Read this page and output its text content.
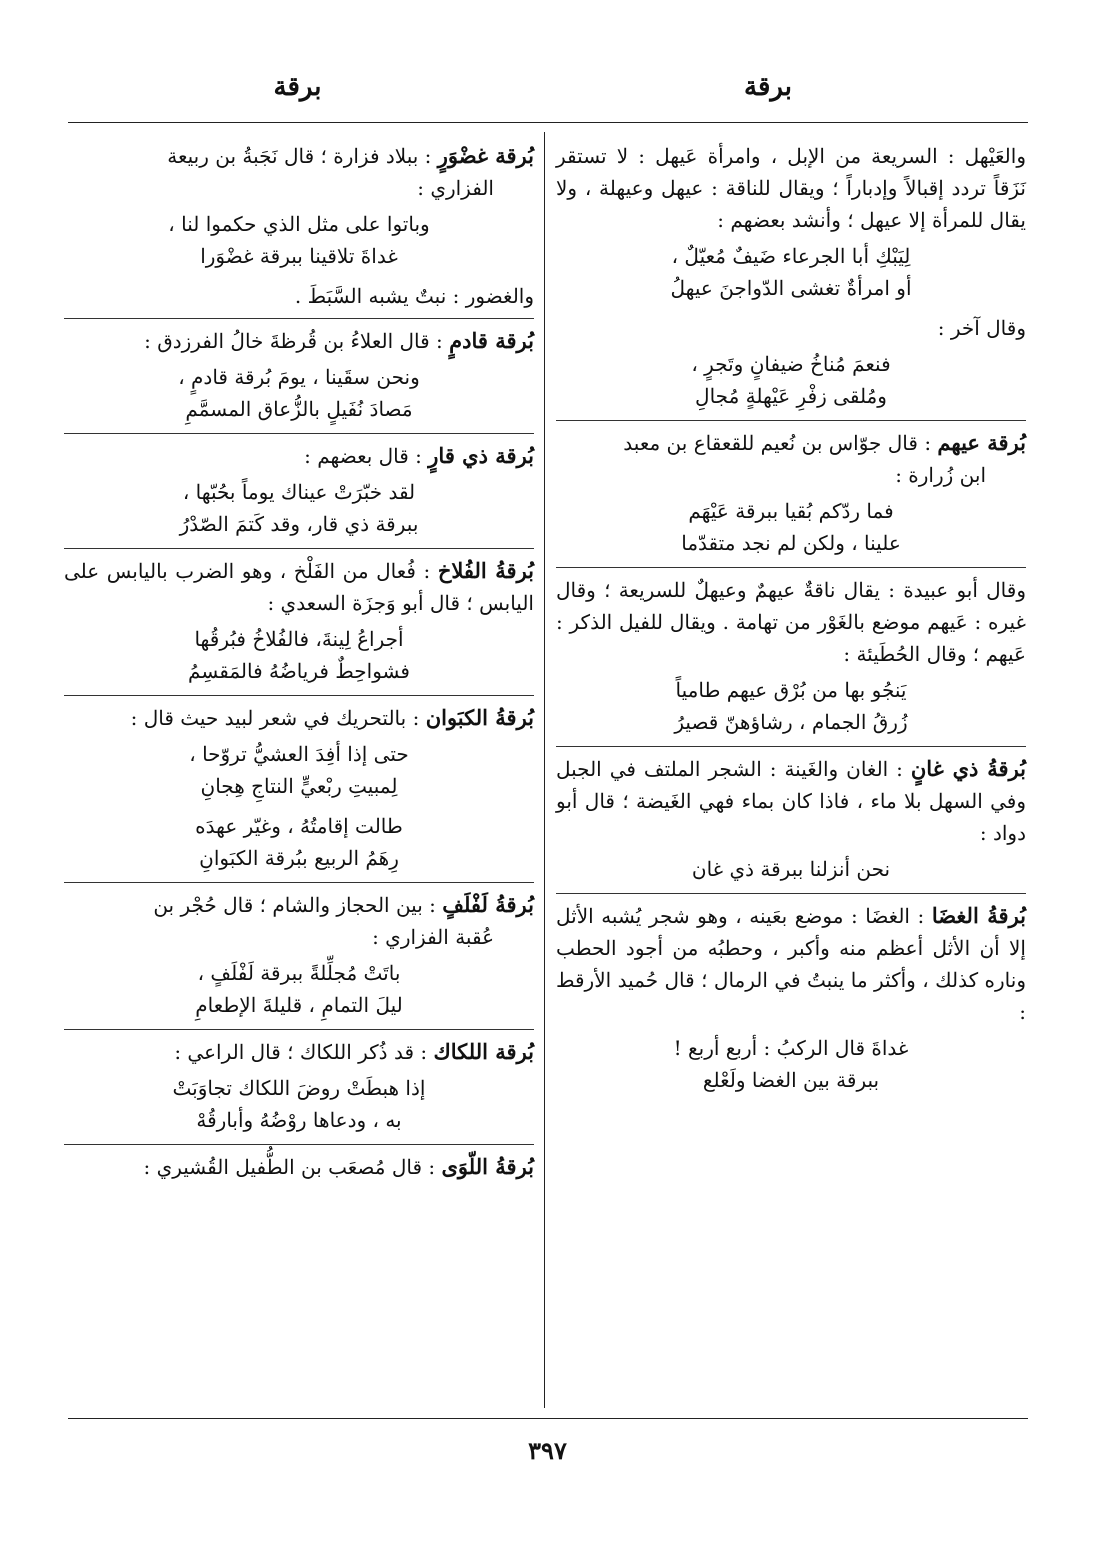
برقة
برقة

والعَيْهل : السريعة من الإبل ، وامرأة عَيهل : لا تستقر نَزَقاً تردد إقبالاً وإدباراً ؛ ويقال للناقة : عيهل وعيهلة ، ولا يقال للمرأة إلا عيهل ؛ وأنشد بعضهم :

لِيَبْكِ أبا الجرعاء ضَيفٌ مُعيّلٌ ،
أو امرأةٌ تغشى الدّواجنَ عيهلُ

وقال آخر :

فنعمَ مُناخُ ضيفانٍ وتَجرٍ ،
ومُلقى زفْرِ عَيْهلةٍ مُجالِ

بُرقة عيهم : قال جوّاس بن نُعيم للقعقاع بن معبد
ابن زُرارة :

فما ردّكم بُقيا ببرقة عَيْهَم
علينا ، ولكن لم نجد متقدّما

وقال أبو عبيدة : يقال ناقةٌ عيهمٌ وعيهلٌ للسريعة ؛ وقال غيره : عَيهم موضع بالغَوْر من تهامة . ويقال للفيل الذكر : عَيهم ؛ وقال الحُطَيئة :

يَنجُو بها من بُرْق عيهم طامياً
زُرقُ الجمام ، رشاؤهنّ قصيرُ

بُرقةُ ذي غانٍ : الغان والغَينة : الشجر الملتف في الجبل وفي السهل بلا ماء ، فاذا كان بماء فهي الغَيضة ؛ قال أبو دواد :

نحن أنزلنا ببرقة ذي غان

بُرقةُ الغضَا : الغضَا : موضع بعَينه ، وهو شجر يُشبه الأثل إلا أن الأثل أعظم منه وأكبر ، وحطبُه من أجود الحطب وناره كذلك ، وأكثر ما ينبتُ في الرمال ؛ قال حُميد الأرقط :

غداةَ قال الركبُ : أربع أربع !
ببرقة بين الغضا ولَعْلع

بُرقة غضْوَرٍ : ببلاد فزارة ؛ قال نَجَبةُ بن ربيعة
الفزاري :

وباتوا على مثل الذي حكموا لنا ،
غداةَ تلاقينا ببرقة غضْوَرا

والغضور : نبتٌ يشبه السَّبَطَ .

بُرقة قادمٍ : قال العلاءُ بن قُرظةَ خالُ الفرزدق :

ونحن سقَينا ، يومَ بُرقة قادمٍ ،
مَصادَ نُفَيلٍ بالزُّعاق المسمَّمِ

بُرقة ذي قارٍ : قال بعضهم :

لقد خبّرَتْ عيناك يوماً بحُبّها ،
ببرقة ذي قار، وقد كَتمَ الصّدْرُ

بُرقةُ الفُلاخ : فُعال من الفَلْخ ، وهو الضرب باليابس على اليابس ؛ قال أبو وَجزَة السعدي :

أجراعُ لِينةَ، فالفُلاخُ فبُرقُها
فشواحِطٌ فرياضُهُ فالمَقسِمُ

بُرقةُ الكبَوان : بالتحريك في شعر لبيد حيث قال :

حتى إذا أفِدَ العشيُّ تروّحا ،
لِمبيتِ ربْعيٍّ النتاجِ هِجانِ
طالت إقامتُهُ ، وغيّر عهدَه
رِهَمُ الربيع ببُرقة الكبَوانِ

بُرقةُ لَفْلَفٍ : بين الحجاز والشام ؛ قال حُجْر بن
عُقبة الفزاري :

باتَتْ مُجلِّلةً ببرقة لَفْلَفٍ ،
ليلَ التمامِ ، قليلةَ الإطعامِ

بُرقة اللكاك : قد ذُكر اللكاك ؛ قال الراعي :

إذا هبطَتْ روضَ اللكاك تجاوَبَتْ
به ، ودعاها روْضُهُ وأبارقُهْ

بُرقةُ اللّوَى : قال مُصعَب بن الطُّفيل القُشيري :

٣٩٧
